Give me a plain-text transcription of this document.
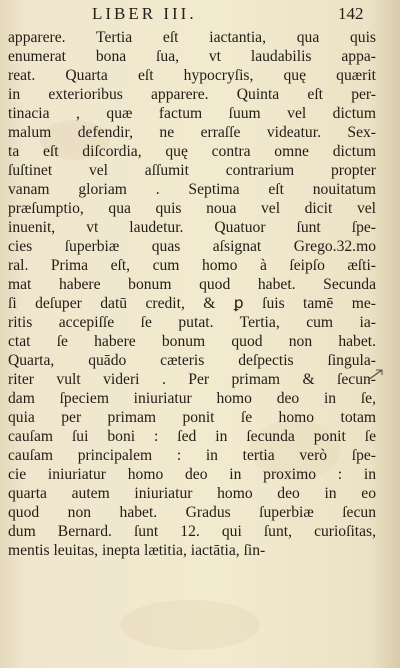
LIBER III.	142
apparere. Tertia eſt iactantia, qua quis
enumerat bona ſua, vt laudabilis appa-
reat. Quarta eſt hypocryſis, quę quærit
in exterioribus apparere. Quinta eſt per-
tinacia , quæ factum ſuum vel dictum
malum defendir, ne erraſſe videatur. Sex-
ta eſt diſcordia, quę contra omne dictum
ſuſtinet vel aſſumit contrarium propter
vanam gloriam . Septima eſt nouitatum
præſumptio, qua quis noua vel dicit vel
inuenit, vt laudetur. Quatuor ſunt ſpe-
cies ſuperbiæ quas aſsignat Grego.32.mo
ral. Prima eſt, cum homo à ſeipſo æſti-
mat habere bonum quod habet. Secunda
ſi deſuper datū credit, & ꝑ ſuis tamē me-
ritis accepiſſe ſe putat. Tertia, cum ia-
ctat ſe habere bonum quod non habet.
Quarta, quādo cæteris deſpectis ſingula-
riter vult videri . Per primam & ſecun-
dam ſpeciem iniuriatur homo deo in ſe,
quia per primam ponit ſe homo totam
cauſam ſui boni : ſed in ſecunda ponit ſe
cauſam principalem : in tertia verò ſpe-
cie iniuriatur homo deo in proximo : in
quarta autem iniuriatur homo deo in eo
quod non habet. Gradus ſuperbiæ ſecun
dum Bernard. ſunt 12. qui ſunt, curioſitas,
mentis leuitas, inepta lætitia, iactātia, ſin-
